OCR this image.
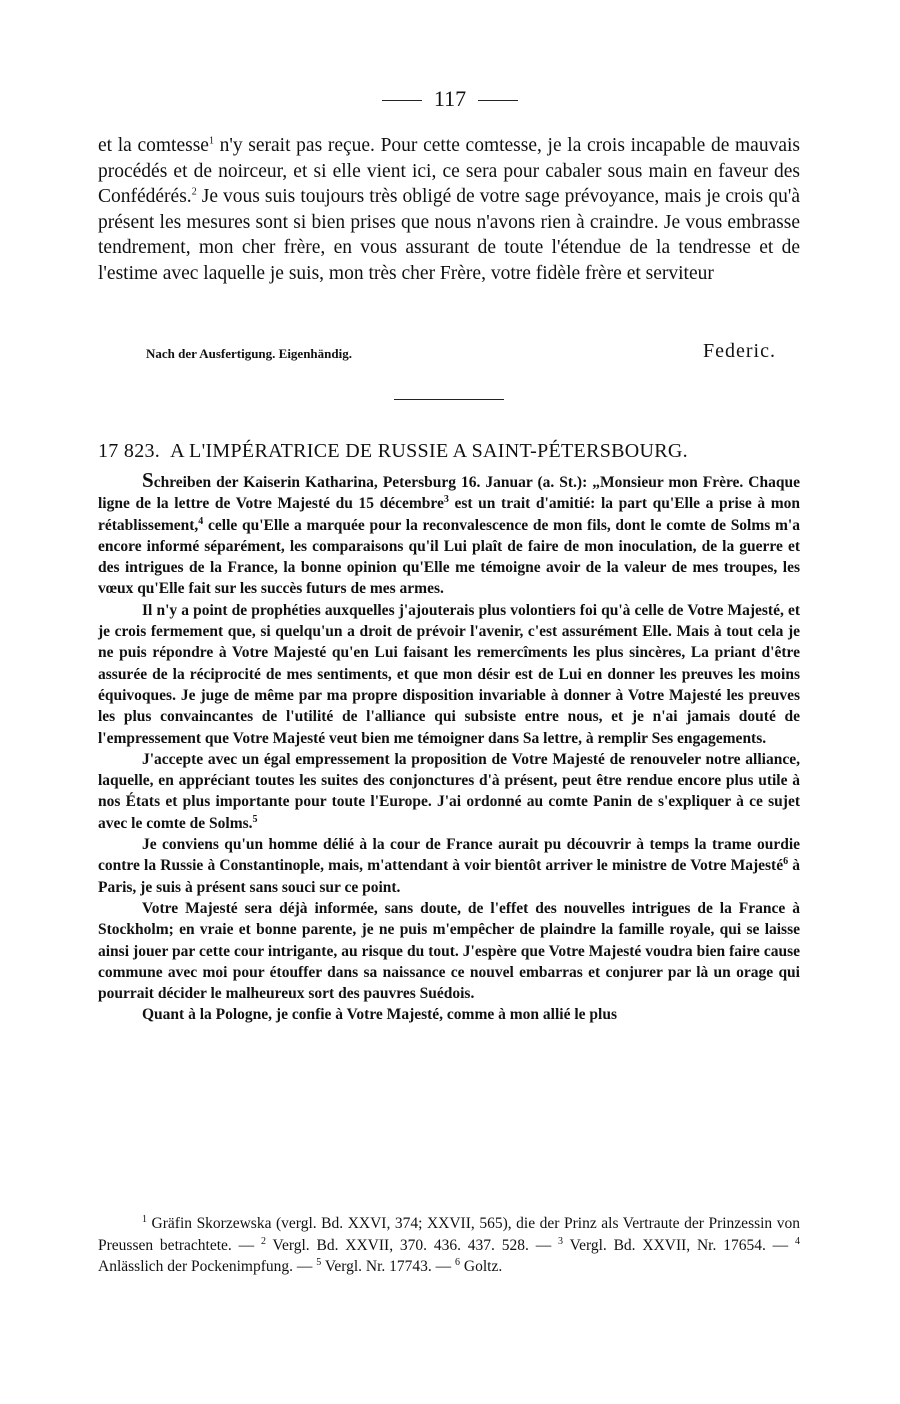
117

et la comtesse$^1$ n'y serait pas reçue. Pour cette comtesse, je la crois incapable de mauvais procédés et de noirceur, et si elle vient ici, ce sera pour cabaler sous main en faveur des Confédérés.$^2$ Je vous suis toujours très obligé de votre sage prévoyance, mais je crois qu'à présent les mesures sont si bien prises que nous n'avons rien à craindre. Je vous embrasse tendrement, mon cher frère, en vous assurant de toute l'étendue de la tendresse et de l'estime avec laquelle je suis, mon très cher Frère, votre fidèle frère et serviteur

Nach der Ausfertigung. Eigenhändig.	Federic.
17 823. A L'IMPÉRATRICE DE RUSSIE A SAINT-PÉTERSBOURG.

Schreiben der Kaiserin Katharina, Petersburg 16. Januar (a. St.): „Monsieur mon Frère. Chaque ligne de la lettre de Votre Majesté du 15 décembre$^3$ est un trait d'amitié: la part qu'Elle a prise à mon rétablissement,$^4$ celle qu'Elle a marquée pour la reconvalescence de mon fils, dont le comte de Solms m'a encore informé séparément, les comparaisons qu'il Lui plaît de faire de mon inoculation, de la guerre et des intrigues de la France, la bonne opinion qu'Elle me témoigne avoir de la valeur de mes troupes, les vœux qu'Elle fait sur les succès futurs de mes armes.

Il n'y a point de prophéties auxquelles j'ajouterais plus volontiers foi qu'à celle de Votre Majesté, et je crois fermement que, si quelqu'un a droit de prévoir l'avenir, c'est assurément Elle. Mais à tout cela je ne puis répondre à Votre Majesté qu'en Lui faisant les remercîments les plus sincères, La priant d'être assurée de la réciprocité de mes sentiments, et que mon désir est de Lui en donner les preuves les moins équivoques. Je juge de même par ma propre disposition invariable à donner à Votre Majesté les preuves les plus convaincantes de l'utilité de l'alliance qui subsiste entre nous, et je n'ai jamais douté de l'empressement que Votre Majesté veut bien me témoigner dans Sa lettre, à remplir Ses engagements.

J'accepte avec un égal empressement la proposition de Votre Majesté de renouveler notre alliance, laquelle, en appréciant toutes les suites des conjonctures d'à présent, peut être rendue encore plus utile à nos États et plus importante pour toute l'Europe. J'ai ordonné au comte Panin de s'expliquer à ce sujet avec le comte de Solms.$^5$

Je conviens qu'un homme délié à la cour de France aurait pu découvrir à temps la trame ourdie contre la Russie à Constantinople, mais, m'attendant à voir bientôt arriver le ministre de Votre Majesté$^6$ à Paris, je suis à présent sans souci sur ce point.

Votre Majesté sera déjà informée, sans doute, de l'effet des nouvelles intrigues de la France à Stockholm; en vraie et bonne parente, je ne puis m'empêcher de plaindre la famille royale, qui se laisse ainsi jouer par cette cour intrigante, au risque du tout. J'espère que Votre Majesté voudra bien faire cause commune avec moi pour étouffer dans sa naissance ce nouvel embarras et conjurer par là un orage qui pourrait décider le malheureux sort des pauvres Suédois.

Quant à la Pologne, je confie à Votre Majesté, comme à mon allié le plus

$^1$ Gräfin Skorzewska (vergl. Bd. XXVI, 374; XXVII, 565), die der Prinz als Vertraute der Prinzessin von Preussen betrachtete. — $^2$ Vergl. Bd. XXVII, 370. 436. 437. 528. — $^3$ Vergl. Bd. XXVII, Nr. 17654. — $^4$ Anlässlich der Pockenimpfung. — $^5$ Vergl. Nr. 17743. — $^6$ Goltz.
